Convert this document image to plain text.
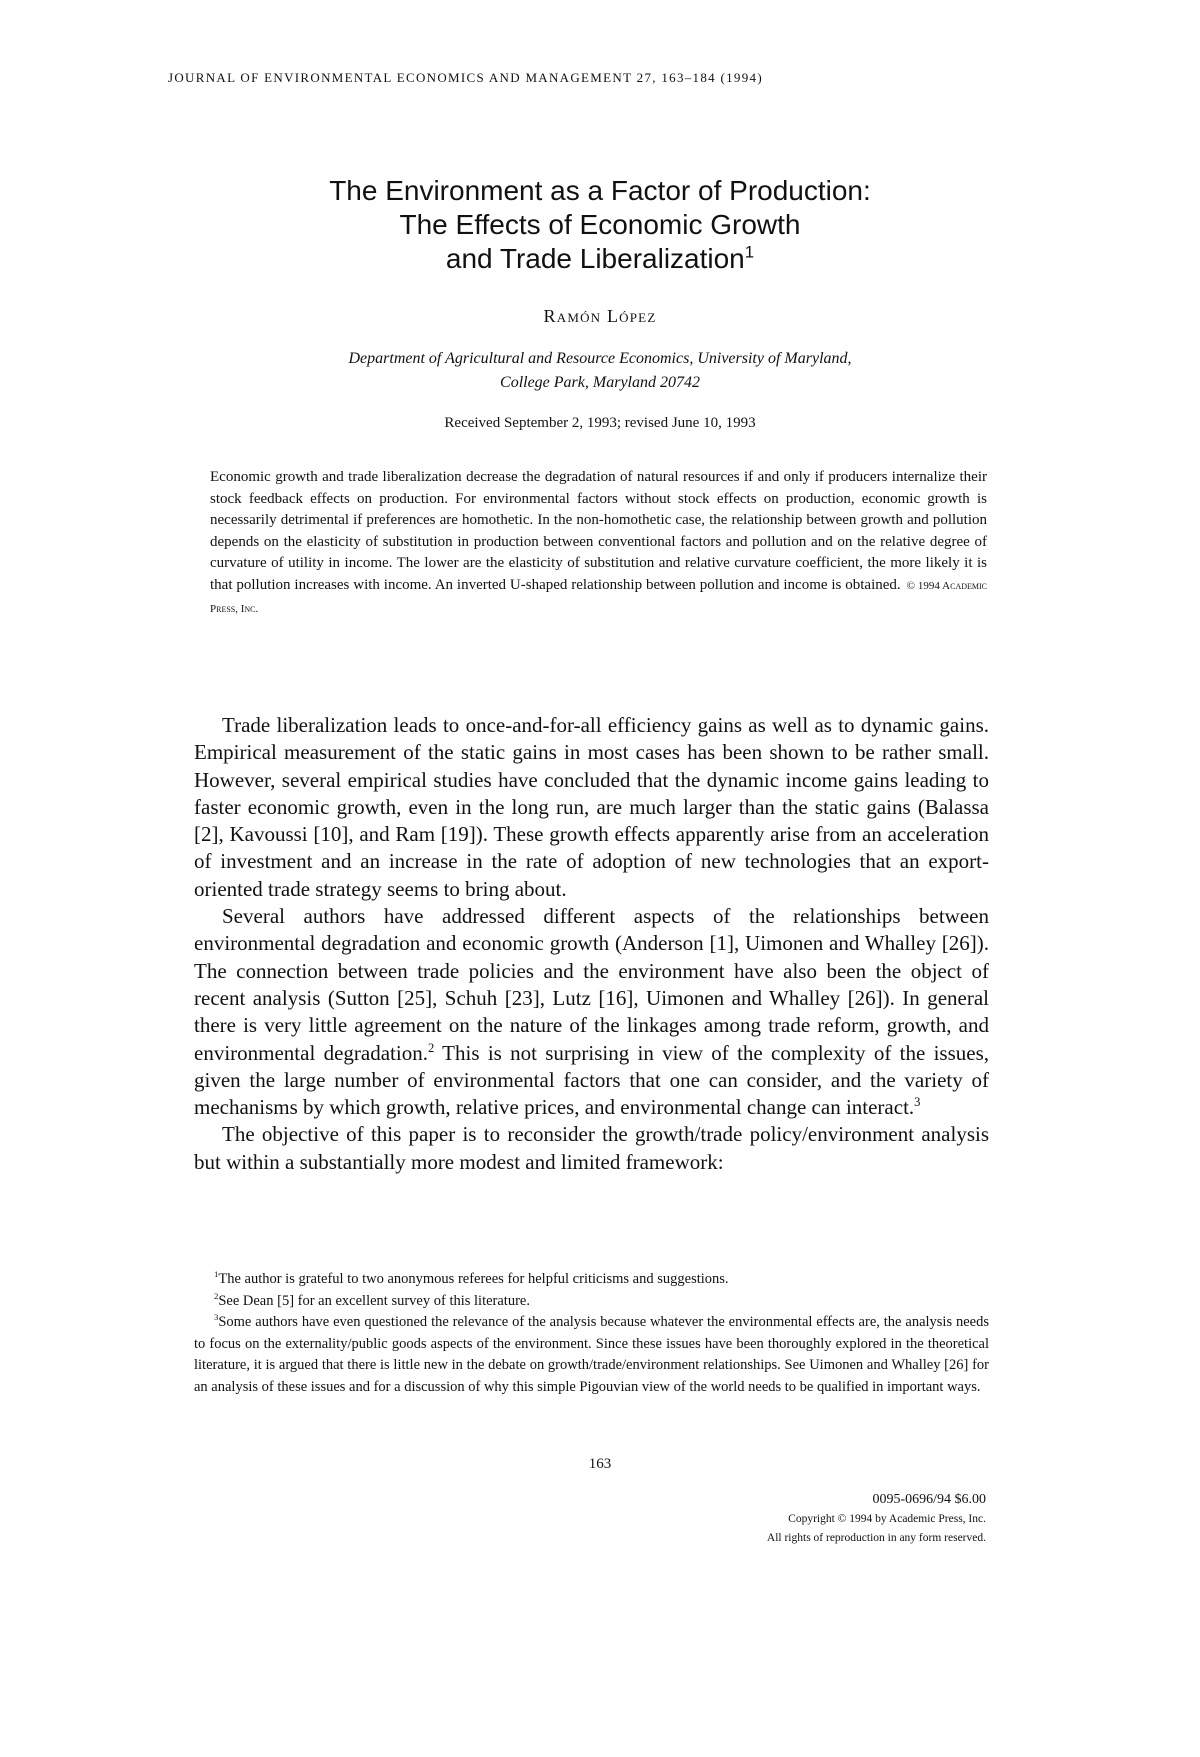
JOURNAL OF ENVIRONMENTAL ECONOMICS AND MANAGEMENT 27, 163–184 (1994)
The Environment as a Factor of Production:
The Effects of Economic Growth
and Trade Liberalization$^1$
Ramón López
Department of Agricultural and Resource Economics, University of Maryland,
College Park, Maryland 20742
Received September 2, 1993; revised June 10, 1993
Economic growth and trade liberalization decrease the degradation of natural resources if and only if producers internalize their stock feedback effects on production. For environmental factors without stock effects on production, economic growth is necessarily detrimental if preferences are homothetic. In the non-homothetic case, the relationship between growth and pollution depends on the elasticity of substitution in production between conventional factors and pollution and on the relative degree of curvature of utility in income. The lower are the elasticity of substitution and relative curvature coefficient, the more likely it is that pollution increases with income. An inverted U-shaped relationship between pollution and income is obtained. © 1994 Academic Press, Inc.

Trade liberalization leads to once-and-for-all efficiency gains as well as to dynamic gains. Empirical measurement of the static gains in most cases has been shown to be rather small. However, several empirical studies have concluded that the dynamic income gains leading to faster economic growth, even in the long run, are much larger than the static gains (Balassa [2], Kavoussi [10], and Ram [19]). These growth effects apparently arise from an acceleration of investment and an increase in the rate of adoption of new technologies that an export-oriented trade strategy seems to bring about.

Several authors have addressed different aspects of the relationships between environmental degradation and economic growth (Anderson [1], Uimonen and Whalley [26]). The connection between trade policies and the environment have also been the object of recent analysis (Sutton [25], Schuh [23], Lutz [16], Uimonen and Whalley [26]). In general there is very little agreement on the nature of the linkages among trade reform, growth, and environmental degradation.$^2$ This is not surprising in view of the complexity of the issues, given the large number of environmental factors that one can consider, and the variety of mechanisms by which growth, relative prices, and environmental change can interact.$^3$

The objective of this paper is to reconsider the growth/trade policy/environment analysis but within a substantially more modest and limited framework:

$^1$The author is grateful to two anonymous referees for helpful criticisms and suggestions.

$^2$See Dean [5] for an excellent survey of this literature.

$^3$Some authors have even questioned the relevance of the analysis because whatever the environmental effects are, the analysis needs to focus on the externality/public goods aspects of the environment. Since these issues have been thoroughly explored in the theoretical literature, it is argued that there is little new in the debate on growth/trade/environment relationships. See Uimonen and Whalley [26] for an analysis of these issues and for a discussion of why this simple Pigouvian view of the world needs to be qualified in important ways.

163
0095-0696/94 $6.00
Copyright © 1994 by Academic Press, Inc.
All rights of reproduction in any form reserved.
